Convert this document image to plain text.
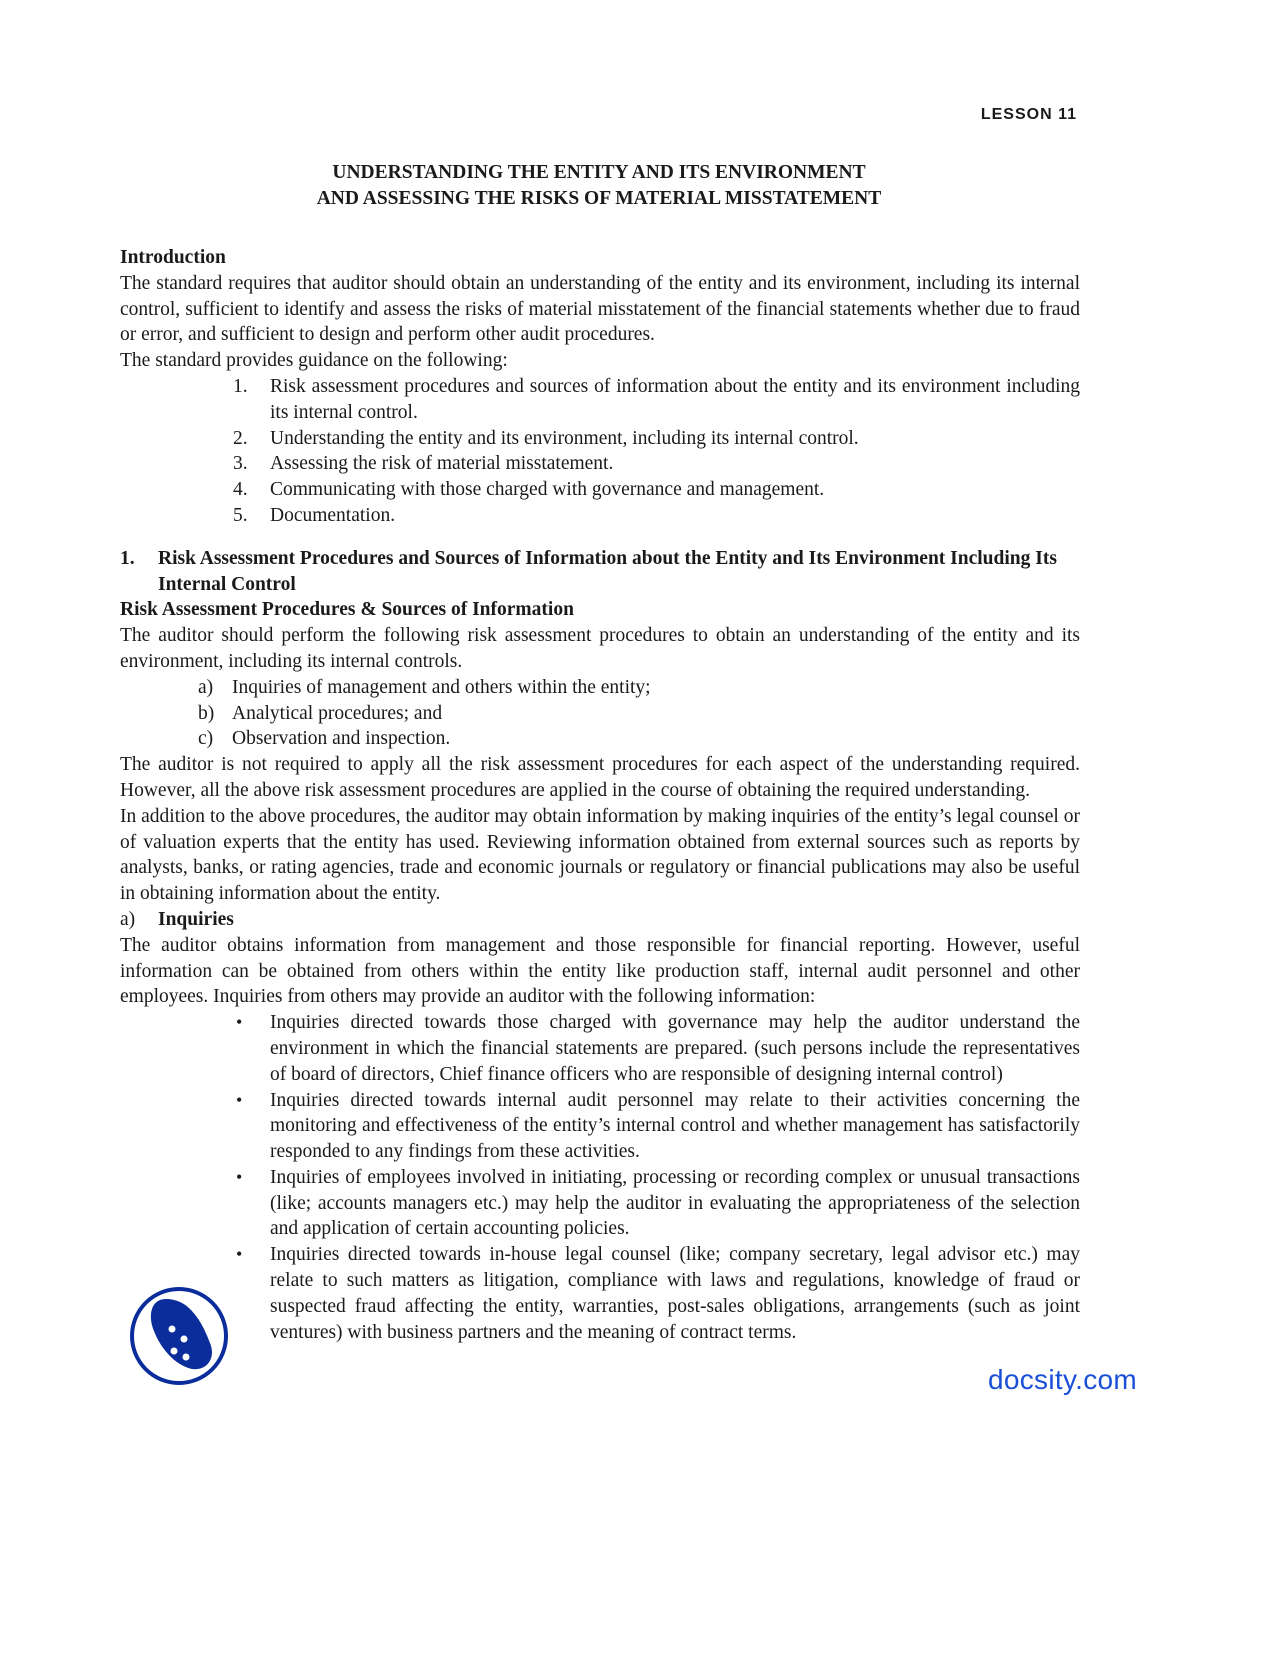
LESSON 11
UNDERSTANDING THE ENTITY AND ITS ENVIRONMENT
AND ASSESSING THE RISKS OF MATERIAL MISSTATEMENT

Introduction

The standard requires that auditor should obtain an understanding of the entity and its environment, including its internal control, sufficient to identify and assess the risks of material misstatement of the financial statements whether due to fraud or error, and sufficient to design and perform other audit procedures.

The standard provides guidance on the following:

1. Risk assessment procedures and sources of information about the entity and its environment including its internal control.
2. Understanding the entity and its environment, including its internal control.
3. Assessing the risk of material misstatement.
4. Communicating with those charged with governance and management.
5. Documentation.
1. Risk Assessment Procedures and Sources of Information about the Entity and Its Environment Including Its Internal Control

Risk Assessment Procedures & Sources of Information

The auditor should perform the following risk assessment procedures to obtain an understanding of the entity and its environment, including its internal controls.

a) Inquiries of management and others within the entity;
b) Analytical procedures; and
c) Observation and inspection.

The auditor is not required to apply all the risk assessment procedures for each aspect of the understanding required. However, all the above risk assessment procedures are applied in the course of obtaining the required understanding.

In addition to the above procedures, the auditor may obtain information by making inquiries of the entity’s legal counsel or of valuation experts that the entity has used. Reviewing information obtained from external sources such as reports by analysts, banks, or rating agencies, trade and economic journals or regulatory or financial publications may also be useful in obtaining information about the entity.

a) Inquiries

The auditor obtains information from management and those responsible for financial reporting. However, useful information can be obtained from others within the entity like production staff, internal audit personnel and other employees. Inquiries from others may provide an auditor with the following information:

• Inquiries directed towards those charged with governance may help the auditor understand the environment in which the financial statements are prepared. (such persons include the representatives of board of directors, Chief finance officers who are responsible of designing internal control)
• Inquiries directed towards internal audit personnel may relate to their activities concerning the monitoring and effectiveness of the entity’s internal control and whether management has satisfactorily responded to any findings from these activities.
• Inquiries of employees involved in initiating, processing or recording complex or unusual transactions (like; accounts managers etc.) may help the auditor in evaluating the appropriateness of the selection and application of certain accounting policies.
• Inquiries directed towards in-house legal counsel (like; company secretary, legal advisor etc.) may relate to such matters as litigation, compliance with laws and regulations, knowledge of fraud or suspected fraud affecting the entity, warranties, post-sales obligations, arrangements (such as joint ventures) with business partners and the meaning of contract terms.
docsity.com
